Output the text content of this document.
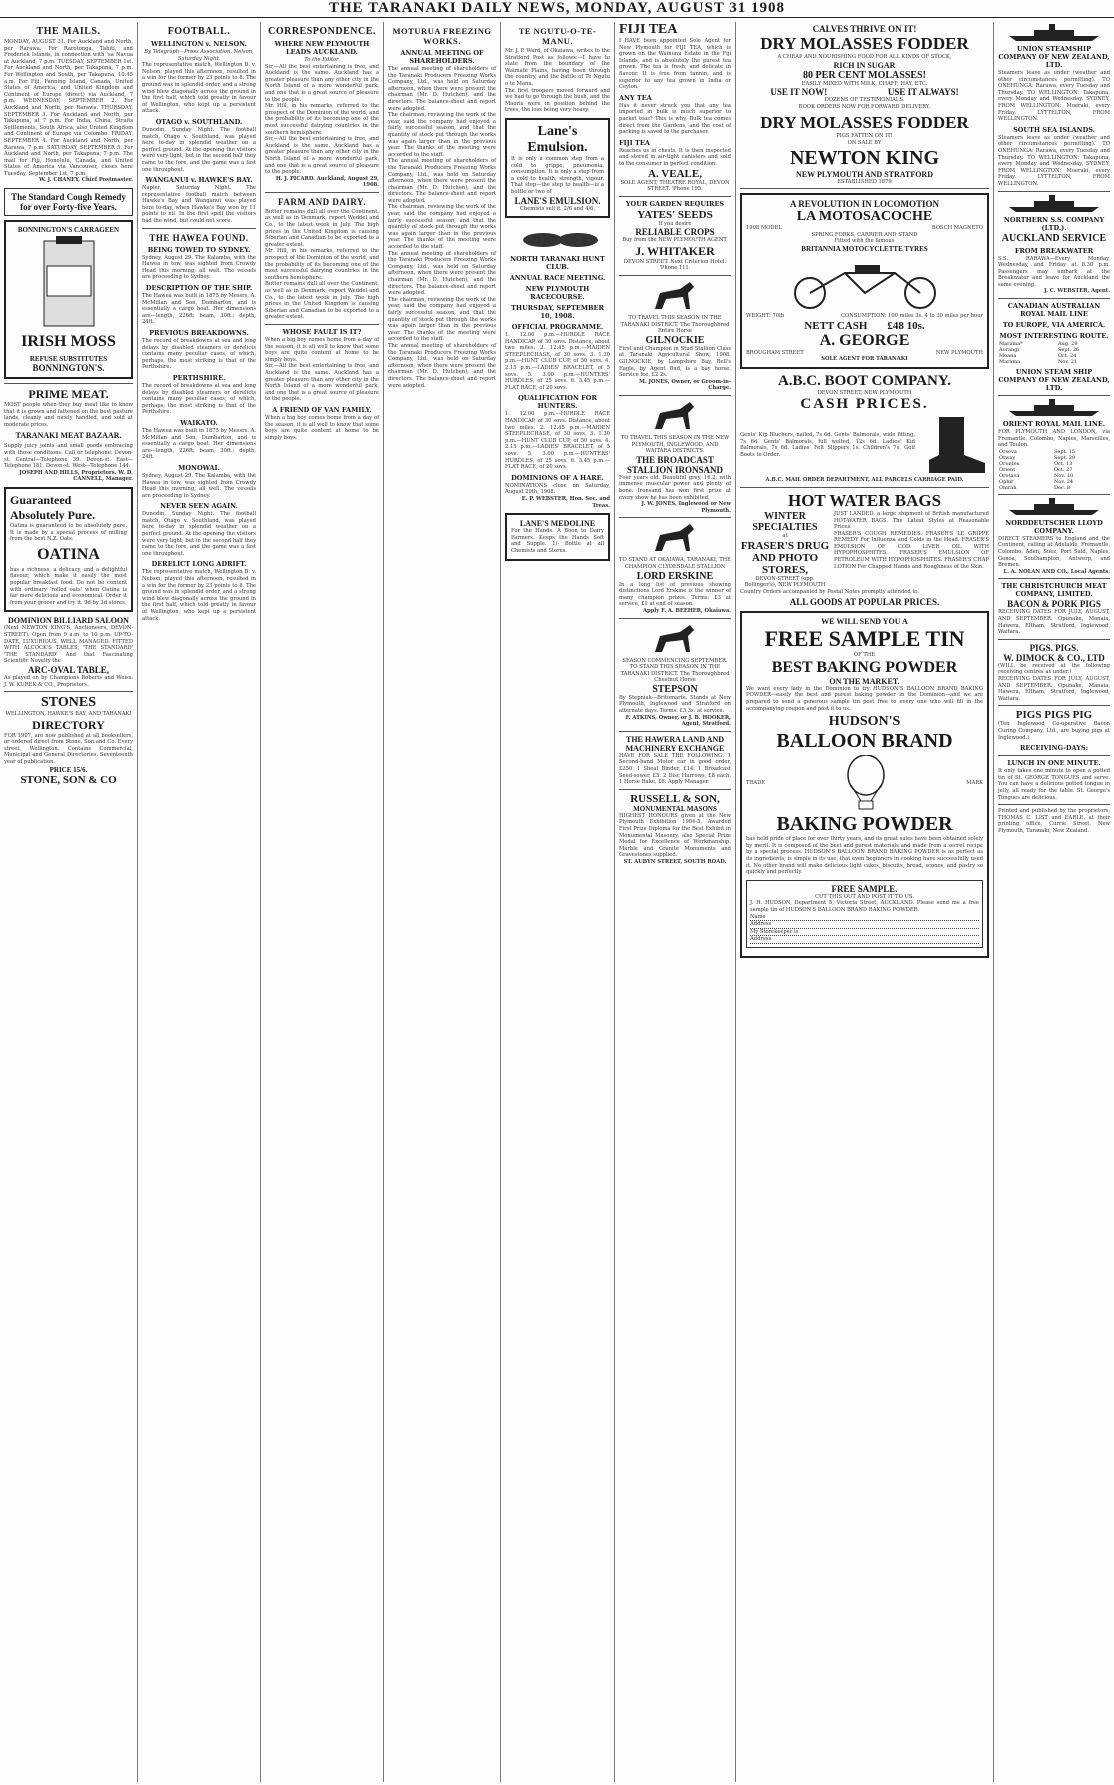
THE TARANAKI DAILY NEWS, MONDAY, AUGUST 31 1908
THE MAILS.
MONDAY, AUGUST 31. For Auckland and North, per Rarawa. For Rarotonga, Tahiti, and Frederick Islands, in connection with 'sa Navua at Auckland, 7 p.m. TUESDAY, SEPTEMBER 1st. For Auckland and North, per Takapuna, 7 p.m. For Wellington and South, per Takapuna, 10.45 a.m. For Fiji, Fanning Island, Canada, United States of America, and United Kingdom and Continent of Europe (direct) via Auckland, 7 p.m. WEDNESDAY, SEPTEMBER 2. For Auckland and North, per Rarawa. THURSDAY, SEPTEMBER 3. For Auckland and North, per Takapuna, at 7 p.m. For India, China, Straits Settlements, South Africa, also United Kingdom and Continent of Europe via Colombo. FRIDAY, SEPTEMBER 4. For Auckland and North, per Rarawa, 7 p.m. SATURDAY, SEPTEMBER 5. For Auckland and North, per Takapuna, 7 p.m. The mail for Fiji, Honolulu, Canada, and United States of America via Vancouver, closes here Tuesday, September 1st, 7 p.m.
W. J. CHANEY, Chief Postmaster.
The Standard Cough Remedy for over Forty-five Years.
BONNINGTON'S CARRAGEEN
IRISH MOSS
REFUSE SUBSTITUTES
BONNINGTON'S.
PRIME MEAT.
MOST people when they buy meat like to know that it is grown and fattened on the best pasture lands, cleanly and nicely handled, and sold at moderate prices.
TARANAKI MEAT BAZAAR.
Supply juicy joints and small goods embracing with those conditions. Call or telephone: Devon-st. Central—Telephone 39. Devon-st. East—Telephone 181. Devon-st. West—Telephone 144.
JOSEPH AND HILLS, Proprietors. W. D. CANNELL, Manager.
Guaranteed Absolutely Pure.
Oatina is guaranteed to be absolutely pure. It is made by a special process of milling from the best N.Z. Oats.
OATINA
has a richness, a delicacy, and a delightful flavour, which make it easily the most popular breakfast food. Do not be content with ordinary 'rolled oats' when Oatina is far more delicious and economical. Order it from your grocer and try it. 9d by 3d stores.
DOMINION BILLIARD SALOON
(Next NEWTON KING'S, Auctioneers, DEVON-STREET). Open from 9 a.m. to 10 p.m. UP-TO-DATE, LUXURIOUS, WELL MANAGED. FITTED WITH ALCOCK'S TABLES, 'THE STANDARD' 'THE STANDARD' And that Fascinating Scientific Novelty the
ARC-OVAL TABLE,
As played on by Champions Roberts and Weiss. J. W. KUREK & CO., Proprietors.
STONES
WELLINGTON, HAWKE'S BAY, AND TARANAKI
DIRECTORY
FOR 1907, are now published at all booksellers, or ordered direct from Stone, Son and Co. Every street, Wellington. Contains Commercial, Municipal and General Directories. Seventeenth year of publication.
PRICE 15/6.
STONE, SON & CO
FOOTBALL.
WELLINGTON v. NELSON.
By Telegraph—Press Association. Nelson, Saturday Night.
The representative match, Wellington B. v. Nelson, played this afternoon, resulted in a win for the former by 23 points to 8. The ground was in splendid order, and a strong wind blew diagonally across the ground in the first half, which told greatly in favour of Wellington, who kept up a persistent attack.
OTAGO v. SOUTHLAND.
Dunedin, Sunday Night. The football match, Otago v. Southland, was played here to-day in splendid weather on a perfect ground. At the opening the visitors were very light, but in the second half they came to the fore, and the game was a fast one throughout.
WANGANUI v. HAWKE'S BAY.
Napier, Saturday Night. The representative football match between Hawke's Bay and Wanganui was played here to-day, when Hawke's Bay won by 11 points to nil. In the first spell the visitors had the wind, but could not score.
THE HAWEA FOUND.
BEING TOWED TO SYDNEY.
Sydney, August 29. The Kalamba, with the Hawea in tow, was sighted from Crowdy Head this morning; all well. The vessels are proceeding to Sydney.
DESCRIPTION OF THE SHIP.
The Hawea was built in 1875 by Messrs. A. McMillan and Son, Dumbarton, and is essentially a cargo boat. Her dimensions are—length, 226ft; beam, 30ft.; depth, 24ft.
PREVIOUS BREAKDOWNS.
The record of breakdowns at sea and long delays by disabled steamers or derelicts contains many peculiar cases, of which, perhaps, the most striking is that of the Perthshire.
PERTHSHIRE.
The record of breakdowns at sea and long delays by disabled steamers or derelicts contains many peculiar cases, of which, perhaps, the most striking is that of the Perthshire.
WAIKATO.
The Hawea was built in 1875 by Messrs. A. McMillan and Son, Dumbarton, and is essentially a cargo boat. Her dimensions are—length, 226ft; beam, 30ft.; depth, 24ft.
MONOWAI.
Sydney, August 29. The Kalamba, with the Hawea in tow, was sighted from Crowdy Head this morning; all well. The vessels are proceeding to Sydney.
NEVER SEEN AGAIN.
Dunedin, Sunday Night. The football match, Otago v. Southland, was played here to-day in splendid weather on a perfect ground. At the opening the visitors were very light, but in the second half they came to the fore, and the game was a fast one throughout.
DERELICT LONG ADRIFT.
The representative match, Wellington B. v. Nelson, played this afternoon, resulted in a win for the former by 23 points to 8. The ground was in splendid order, and a strong wind blew diagonally across the ground in the first half, which told greatly in favour of Wellington, who kept up a persistent attack.
CORRESPONDENCE.
WHERE NEW PLYMOUTH LEADS AUCKLAND.
To the Editor.
Sir,—All the best entertaining is free, and Auckland is the same. Auckland has a greater pleasure than any other city in the North Island of a more wonderful park, and one that is a great source of pleasure to the people.
Mr. Hill, in his remarks, referred to the prospect of the Dominion of the world, and the probability of its becoming one of the most successful dairying countries in the southern hemisphere.
Sir,—All the best entertaining is free, and Auckland is the same. Auckland has a greater pleasure than any other city in the North Island of a more wonderful park, and one that is a great source of pleasure to the people.
H. J. PICARD. Auckland, August 29, 1908.
FARM AND DAIRY.
Butter remains dull all over the Continent, as well as in Denmark, report Weddel and Co., to the latest week in July. The high prices in the United Kingdom is causing Siberian and Canadian to be exported to a greater extent.
Mr. Hill, in his remarks, referred to the prospect of the Dominion of the world, and the probability of its becoming one of the most successful dairying countries in the southern hemisphere.
Butter remains dull all over the Continent, as well as in Denmark, report Weddel and Co., to the latest week in July. The high prices in the United Kingdom is causing Siberian and Canadian to be exported to a greater extent.
WHOSE FAULT IS IT?
When a big boy comes home from a day of the season, it is all well to know that some boys are quite content at home to be simply boys.
Sir,—All the best entertaining is free, and Auckland is the same. Auckland has a greater pleasure than any other city in the North Island of a more wonderful park, and one that is a great source of pleasure to the people.
A FRIEND OF VAN FAMILY.
When a big boy comes home from a day of the season, it is all well to know that some boys are quite content at home to be simply boys.
MOTURUA FREEZING WORKS.
ANNUAL MEETING OF SHAREHOLDERS.
The annual meeting of shareholders of the Taranaki Producers Freezing Works Company, Ltd., was held on Saturday afternoon, when there were present the chairman (Mr. D. Hutchen), and the directors. The balance-sheet and report were adopted.
The chairman, reviewing the work of the year, said the company had enjoyed a fairly successful season, and that the quantity of stock put through the works was again larger than in the previous year. The thanks of the meeting were accorded to the staff.
The annual meeting of shareholders of the Taranaki Producers Freezing Works Company, Ltd., was held on Saturday afternoon, when there were present the chairman (Mr. D. Hutchen), and the directors. The balance-sheet and report were adopted.
The chairman, reviewing the work of the year, said the company had enjoyed a fairly successful season, and that the quantity of stock put through the works was again larger than in the previous year. The thanks of the meeting were accorded to the staff.
The annual meeting of shareholders of the Taranaki Producers Freezing Works Company, Ltd., was held on Saturday afternoon, when there were present the chairman (Mr. D. Hutchen), and the directors. The balance-sheet and report were adopted.
The chairman, reviewing the work of the year, said the company had enjoyed a fairly successful season, and that the quantity of stock put through the works was again larger than in the previous year. The thanks of the meeting were accorded to the staff.
The annual meeting of shareholders of the Taranaki Producers Freezing Works Company, Ltd., was held on Saturday afternoon, when there were present the chairman (Mr. D. Hutchen), and the directors. The balance-sheet and report were adopted.
TE NGUTU-O-TE-MANU.
Mr. J. P. Ward, of Okaiawa, writes to the Stratford Post as follows:—I have to state from the boundary of the Waimate Plains, having been through the country, and the battle of Te Ngutu o te Manu.
The first troopers moved forward and we had to go through the bush, and the Maoris were in position behind the trees, the loss being very heavy.
Lane's Emulsion.
It is only a common step from a cold to grippe, pneumonia, consumption. It is only a step from a cold to health, strength, vigour. That step—the step to health—is a bottle or two of
LANE'S EMULSION.
Chemists sell it. 2/6 and 4/6.
NORTH TARANAKI HUNT CLUB.
ANNUAL RACE MEETING.
NEW PLYMOUTH RACECOURSE.
THURSDAY, SEPTEMBER 10, 1908.
OFFICIAL PROGRAMME.
1. 12.00 p.m.—HURDLE RACE HANDICAP, of 30 sovs. Distance, about two miles. 2. 12.45 p.m.—MAIDEN STEEPLECHASE, of 30 sovs. 3. 1.30 p.m.—HUNT CLUB CUP, of 50 sovs. 4. 2.15 p.m.—LADIES' BRACELET, of 5 sovs. 5. 3.00 p.m.—HUNTERS' HURDLES, of 25 sovs. 6. 3.45 p.m.—FLAT RACE, of 20 sovs.
QUALIFICATION FOR HUNTERS.
1. 12.00 p.m.—HURDLE RACE HANDICAP, of 30 sovs. Distance, about two miles. 2. 12.45 p.m.—MAIDEN STEEPLECHASE, of 30 sovs. 3. 1.30 p.m.—HUNT CLUB CUP, of 50 sovs. 4. 2.15 p.m.—LADIES' BRACELET, of 5 sovs. 5. 3.00 p.m.—HUNTERS' HURDLES, of 25 sovs. 6. 3.45 p.m.—FLAT RACE, of 20 sovs.
DOMINIONS OF A HARE.
NOMINATIONS close on Saturday, August 29th, 1908.
E. P. WEBSTER, Hon. Sec. and Treas.
LANE'S MEDOLINE
For the Hands. A Boon to Dairy Farmers. Keeps the Hands Soft and Supple. 1/- Bottle at all Chemists and Stores.
FIJI TEA
I HAVE been appointed Sole Agent for New Plymouth for FIJI TEA, which is grown on the Wainunu Estate in the Fiji Islands, and is absolutely the purest tea grown. The tea is fresh, and delicate in flavour. It is free from tannin, and is superior to any tea grown in India or Ceylon.
ANY TEA
Has it never struck you that any tea imported in bulk is much superior to packet teas? This is why. Bulk tea comes direct from the Gardens, and the cost of packing is saved to the purchaser.
FIJI TEA
Reaches us in chests. It is then inspected and stored in air-tight canisters and sold to the consumer in perfect condition.
A. VEALE,
SOLE AGENT, THEATRE ROYAL, DEVON STREET. 'Phone 195.
YOUR GARDEN REQUIRES
YATES' SEEDS
If you desire
RELIABLE CROPS
Buy from the NEW PLYMOUTH AGENT,
J. WHITAKER
DEVON STREET. Next Criterion Hotel. 'Phone 111.
TO TRAVEL THIS SEASON IN THE TARANAKI DISTRICT. The Thoroughbred Entire Horse
GILNOCKIE
First and Champion in Stud Stallion Class at Taranaki Agricultural Show, 1908. GILNOCKIE, by Lampshire Bay, Bell's Eagle, by Agent Bud, is a bay horse. Service fee, £2 2s.
M. JONES, Owner, or Groom-in-Charge.
TO TRAVEL THIS SEASON IN THE NEW PLYMOUTH, INGLEWOOD, AND WAITARA DISTRICTS.
THE BROADCAST STALLION IRONSAND
Four years old. Beautiful grey, 16.2, with immense muscular power and plenty of bone. Ironsand has won first prize at every show he has been exhibited.
J. W. JONES, Inglewood or New Plymouth.
TO STAND AT OKAIAWA, TARANAKI, THE CHAMPION CLYDESDALE STALLION
LORD ERSKINE
In a long list of previous showing distinctions Lord Erskine is the winner of many champion prizes. Terms: £3 at service, £1 at end of season.
Apply F. A. BEEHER, Okaiawa.
SEASON COMMENCING SEPTEMBER. TO STAND THIS SEASON IN THE TARANAKI DISTRICT. The Thoroughbred Chestnut Horse
STEPSON
By Stepniak—Britomarte. Stands at New Plymouth, Inglewood and Stratford on alternate days. Terms: £3 3s. at service.
F. ATKINS, Owner, or J. B. HOOKER, Agent, Stratford.
THE HAWERA LAND AND MACHINERY EXCHANGE
HAVE FOR SALE THE FOLLOWING: 1 Second-hand Motor car in good order, £250. 1 Sheaf Binder, £14. 1 Broadcast Seed-sower, £5. 2 Disc Harrows, £8 each. 1 Horse Rake, £6. Apply Manager.
RUSSELL & SON,
MONUMENTAL MASONS
HIGHEST HONOURS given at the New Plymouth Exhibition 1904-5. Awarded First Prize Diploma for the Best Exhibit in Monumental Masonry, also Special Prize Medal for Excellence of Workmanship. Marble and Granite Monuments and Gravestones supplied.
ST. AUBYN STREET, SOUTH ROAD.
CALVES THRIVE ON IT!
DRY MOLASSES FODDER
A CHEAP AND NOURISHING FOOD FOR ALL KINDS OF STOCK,
RICH IN SUGAR
80 PER CENT MOLASSES!
EASILY MIXED WITH MILK, CHAFF, HAY, ETC.
USE IT NOW!	USE IT ALWAYS!
DOZENS OF TESTIMONIALS.
BOOK ORDERS NOW FOR FORWARD DELIVERY.
DRY MOLASSES FODDER
PIGS FATTEN ON IT!
ON SALE BY
NEWTON KING
NEW PLYMOUTH AND STRATFORD
ESTABLISHED 1879
A REVOLUTION IN LOCOMOTION
LA MOTOSACOCHE
1908 MODEL	BOSCH MAGNETO
SPRING FORKS, CARRIER AND STAND
Fitted with the famous
BRITANNIA MOTOCYCLETTE TYRES
WEIGHT: 70lb	CONSUMPTION: 100 miles 3s. 4 to 30 miles per hour
NETT CASH £48 10s.
A. GEORGE
BROUGHAM STREET	NEW PLYMOUTH
SOLE AGENT FOR TARANAKI
A.B.C. BOOT COMPANY.
DEVON STREET, NEW PLYMOUTH
CASH PRICES.
Gents' Kip Bluchers, nailed, 7s 6d. Gents' Balmorals, wide fitting, 7s 6d. Gents' Balmorals, full welted, 12s 6d. Ladies' Kid Balmorals, 7s 6d. Ladies' Felt Slippers 1s. Children's 7s. Golf Boots to Order.
A.B.C. MAIL ORDER DEPARTMENT, ALL PARCELS CARRIAGE PAID.
HOT WATER BAGS
WINTER SPECIALTIES
at
FRASER'S DRUG AND PHOTO STORES,
DEVON-STREET (opp. Bollinger's), NEW PLYMOUTH
JUST LANDED, a large shipment of British manufactured HOT-WATER BAGS. The Latest Styles at Reasonable Prices.
FRASER'S COUGH REMEDIES. FRASER'S LE GRIPPE REMEDY For Influenza and Colds in the Head. FRASER'S EMULSION OF COD LIVER OIL WITH HYPOPHOSPHITES. FRASER'S EMULSION OF PETROLEUM WITH HYPOPHOSPHITES. FRASER'S CHAP LOTION For Chapped Hands and Roughness of the Skin.
Country Orders accompanied by Postal Notes promptly attended to.
ALL GOODS AT POPULAR PRICES.
WE WILL SEND YOU A
FREE SAMPLE TIN
OF THE
BEST BAKING POWDER
ON THE MARKET.
We want every lady in the Dominion to try HUDSON'S BALLOON BRAND BAKING POWDER—easily the best and purest baking powder in the Dominion—and we are prepared to send a generous sample tin post free to every one who will fill in the accompanying coupon and post it to us.
HUDSON'S
BALLOON BRAND
TRADE	MARK
BAKING POWDER
has held pride of place for over thirty years, and its great sales have been obtained solely by merit. It is composed of the best and purest materials and made from a secret recipe by a special process. HUDSON'S BALLOON BRAND BAKING POWDER is as perfect as its ingredients, is simple in its use, that even beginners in cooking have successfully used it. No other brand will make delicious light cakes, biscuits, bread, scones, and pastry so quickly and perfectly.
FREE SAMPLE.
CUT THIS OUT AND POST IT TO US.
J. H. HUDSON, Department 5, Victoria Street, AUCKLAND. Please send me a free sample tin of HUDSON'S BALLOON BRAND BAKING POWDER.
Name
Address
My Storekeeper is
Address
UNION STEAMSHIP COMPANY OF NEW ZEALAND, LTD.
Steamers leave as under (weather and other circumstances permitting). TO ONEHUNGA: Rarawa, every Tuesday and Thursday. TO WELLINGTON: Takapuna, every Monday and Wednesday. SYDNEY, FROM WELLINGTON: Moeraki, every Friday. LYTTELTON, FROM WELLINGTON.
SOUTH SEA ISLANDS.
Steamers leave as under (weather and other circumstances permitting). TO ONEHUNGA: Rarawa, every Tuesday and Thursday. TO WELLINGTON: Takapuna, every Monday and Wednesday. SYDNEY, FROM WELLINGTON: Moeraki, every Friday. LYTTELTON, FROM WELLINGTON.
NORTHERN S.S. COMPANY (LTD.).
AUCKLAND SERVICE
FROM BREAKWATER
S.S. RARAWA—Every Monday, Wednesday, and Friday at 8.30 p.m. Passengers may embark at the Breakwater and leave for Auckland the same evening.
J. C. WEBSTER, Agent.
CANADIAN AUSTRALIAN ROYAL MAIL LINE
TO EUROPE, VIA AMERICA.
MOST INTERESTING ROUTE.
Marama*	Aug. 29
Aorangi	Sept. 26
Moana	Oct. 24
Marama	Nov. 21
UNION STEAM SHIP COMPANY OF NEW ZEALAND, LTD.
ORIENT ROYAL MAIL LINE.
FOR PLYMOUTH AND LONDON, via Fremantle, Colombo, Naples, Marseilles, and Toulon.
Orsova	Sept. 15
Otway	Sept. 29
Orontes	Oct. 13
Orient	Oct. 27
Orotava	Nov. 10
Ophir	Nov. 24
Omrah	Dec. 8
NORDDEUTSCHER LLOYD COMPANY.
DIRECT STEAMERS to England and the Continent, calling at Adelaide, Fremantle, Colombo, Aden, Suez, Port Said, Naples, Genoa, Southampton, Antwerp, and Bremen.
L. A. NOLAN AND CO., Local Agents.
THE CHRISTCHURCH MEAT COMPANY, LIMITED.
BACON & PORK PIGS
RECEIVING DATES FOR JULY, AUGUST, AND SEPTEMBER. Opunake, Manaia, Hawera, Eltham, Stratford, Inglewood, Waitara.
PIGS. PIGS.
W. DIMOCK & CO., LTD
(WILL be received at the following receiving centres as under.)
RECEIVING DATES FOR JULY, AUGUST, AND SEPTEMBER. Opunake, Manaia, Hawera, Eltham, Stratford, Inglewood, Waitara.
PIGS PIGS PIG
(Ten Inglewood Co-operative Bacon Curing Company, Ltd., are buying pigs at Inglewood.)
RECEIVING-DAYS:
LUNCH IN ONE MINUTE.
It only takes one minute to open a potted tin of St. GEORGE TONGUES and serve. You can have a delicious potted tongue in jelly, all ready for the table. St. George's Tongues are delicious.
Printed and published by the proprietors, THOMAS C. LIST and EARLE, at their printing office, Currie Street, New Plymouth, Taranaki, New Zealand.
